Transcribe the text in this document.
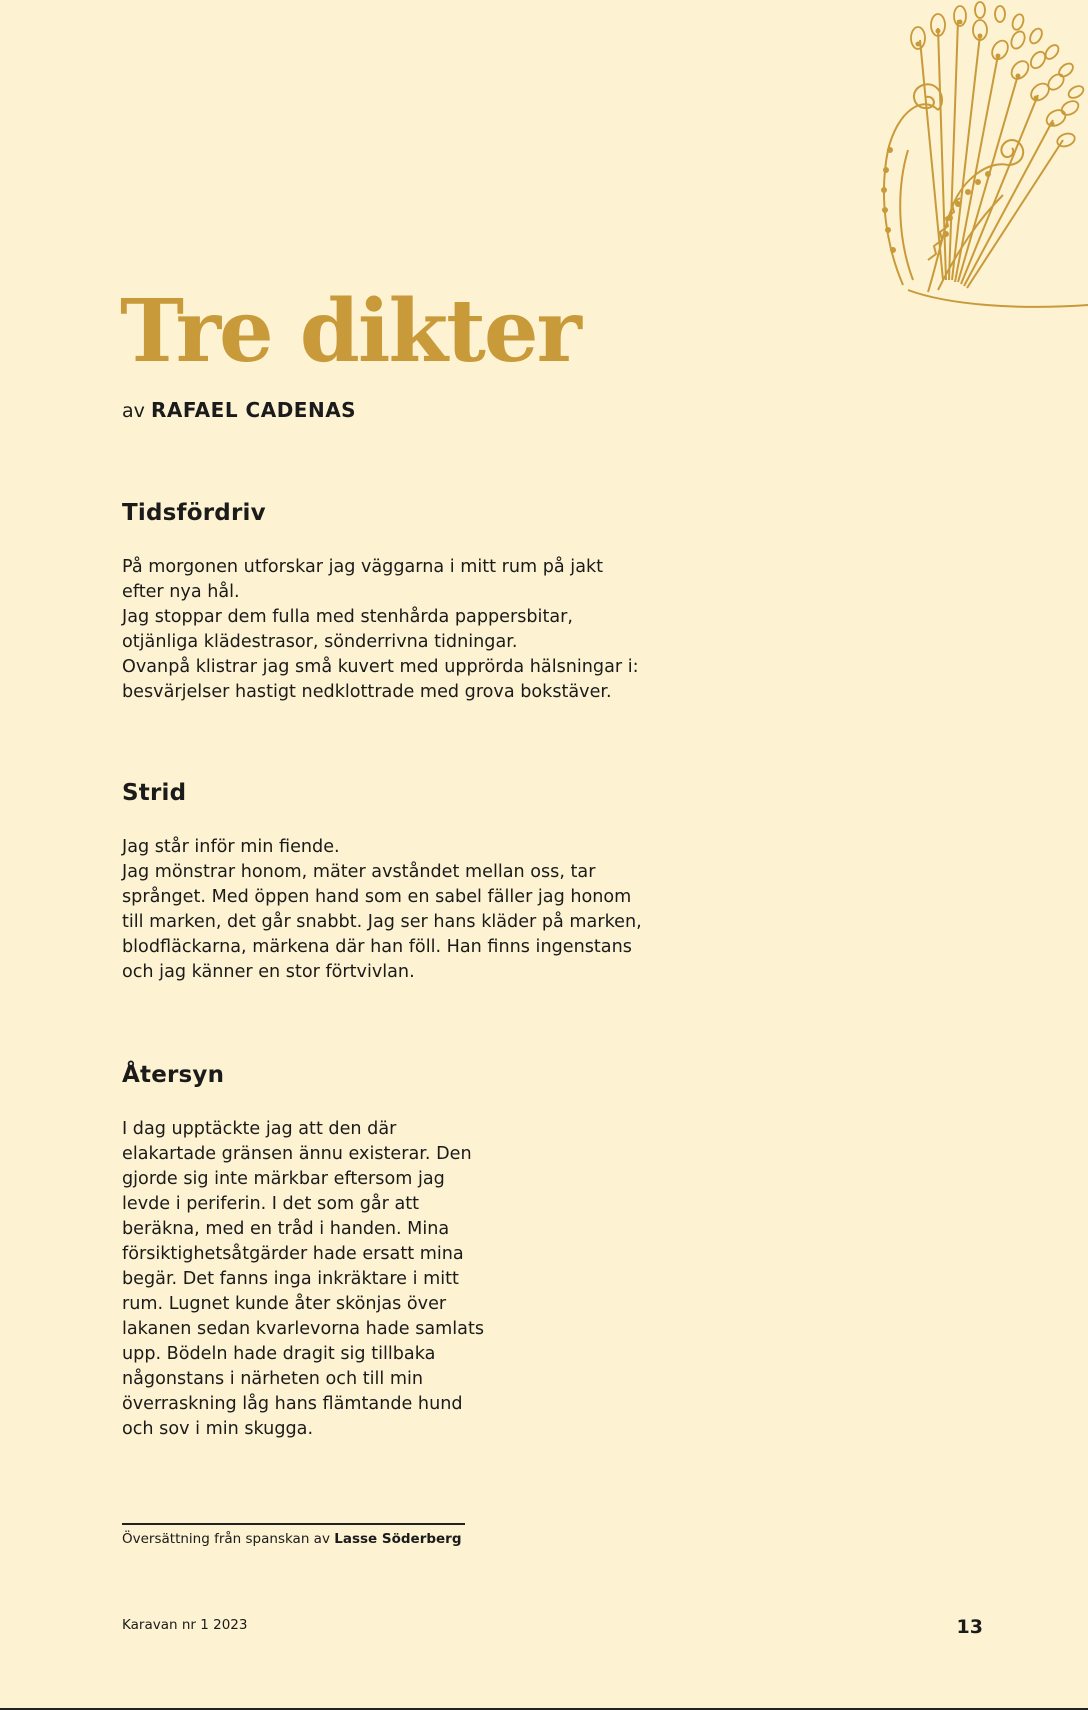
Tre dikter
av RAFAEL CADENAS
Tidsfördriv
På morgonen utforskar jag väggarna i mitt rum på jakt
efter nya hål.
Jag stoppar dem fulla med stenhårda pappersbitar,
otjänliga klädestrasor, sönderrivna tidningar.
Ovanpå klistrar jag små kuvert med upprörda hälsningar i:
besvärjelser hastigt nedklottrade med grova bokstäver.
Strid
Jag står inför min fiende.
Jag mönstrar honom, mäter avståndet mellan oss, tar
språnget. Med öppen hand som en sabel fäller jag honom
till marken, det går snabbt. Jag ser hans kläder på marken,
blodfläckarna, märkena där han föll. Han finns ingenstans
och jag känner en stor förtvivlan.
Återsyn
I dag upptäckte jag att den där
elakartade gränsen ännu existerar. Den
gjorde sig inte märkbar eftersom jag
levde i periferin. I det som går att
beräkna, med en tråd i handen. Mina
försiktighetsåtgärder hade ersatt mina
begär. Det fanns inga inkräktare i mitt
rum. Lugnet kunde åter skönjas över
lakanen sedan kvarlevorna hade samlats
upp. Bödeln hade dragit sig tillbaka
någonstans i närheten och till min
överraskning låg hans flämtande hund
och sov i min skugga.
Översättning från spanskan av Lasse Söderberg
Karavan nr 1 2023	13
